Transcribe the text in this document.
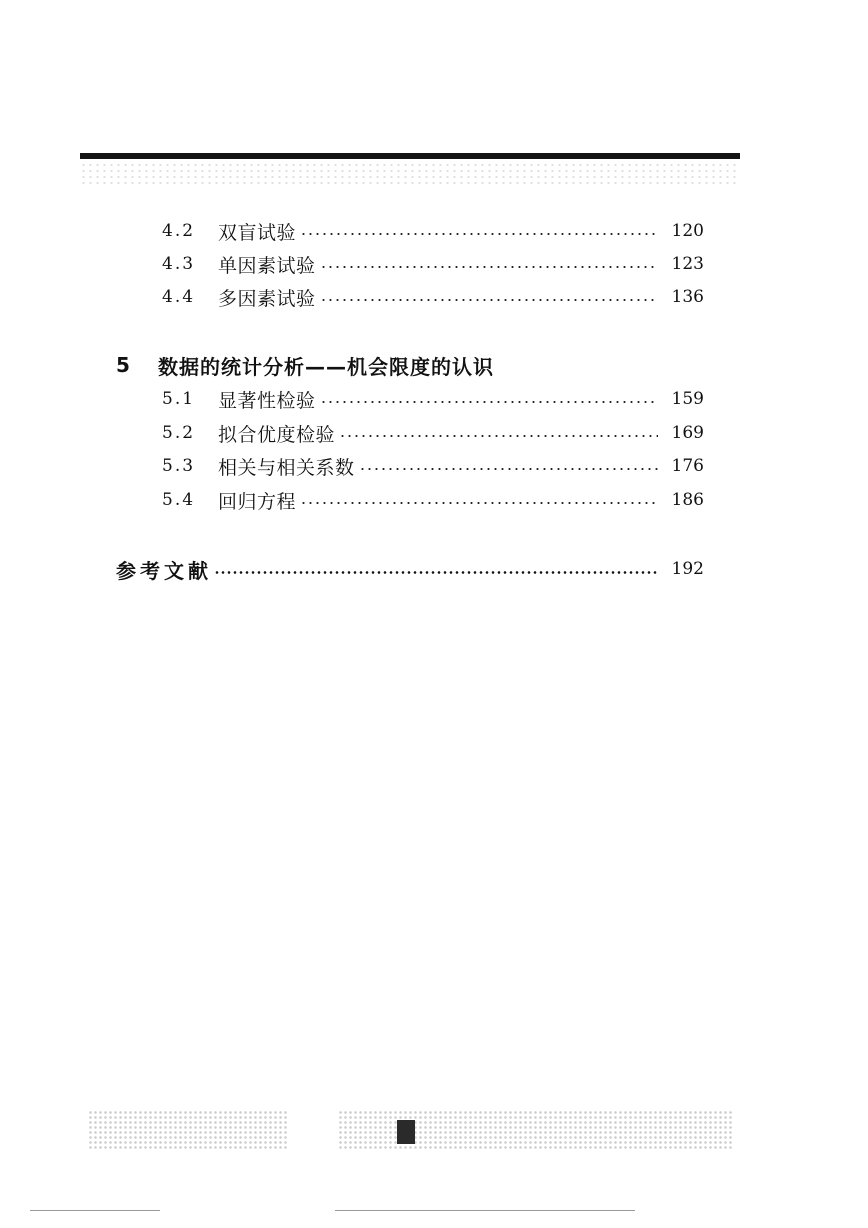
4.2	双盲试验	120
4.3	单因素试验	123
4.4	多因素试验	136
5	数据的统计分析——机会限度的认识
5.1	显著性检验	159
5.2	拟合优度检验	169
5.3	相关与相关系数	176
5.4	回归方程	186
参考文献	192
